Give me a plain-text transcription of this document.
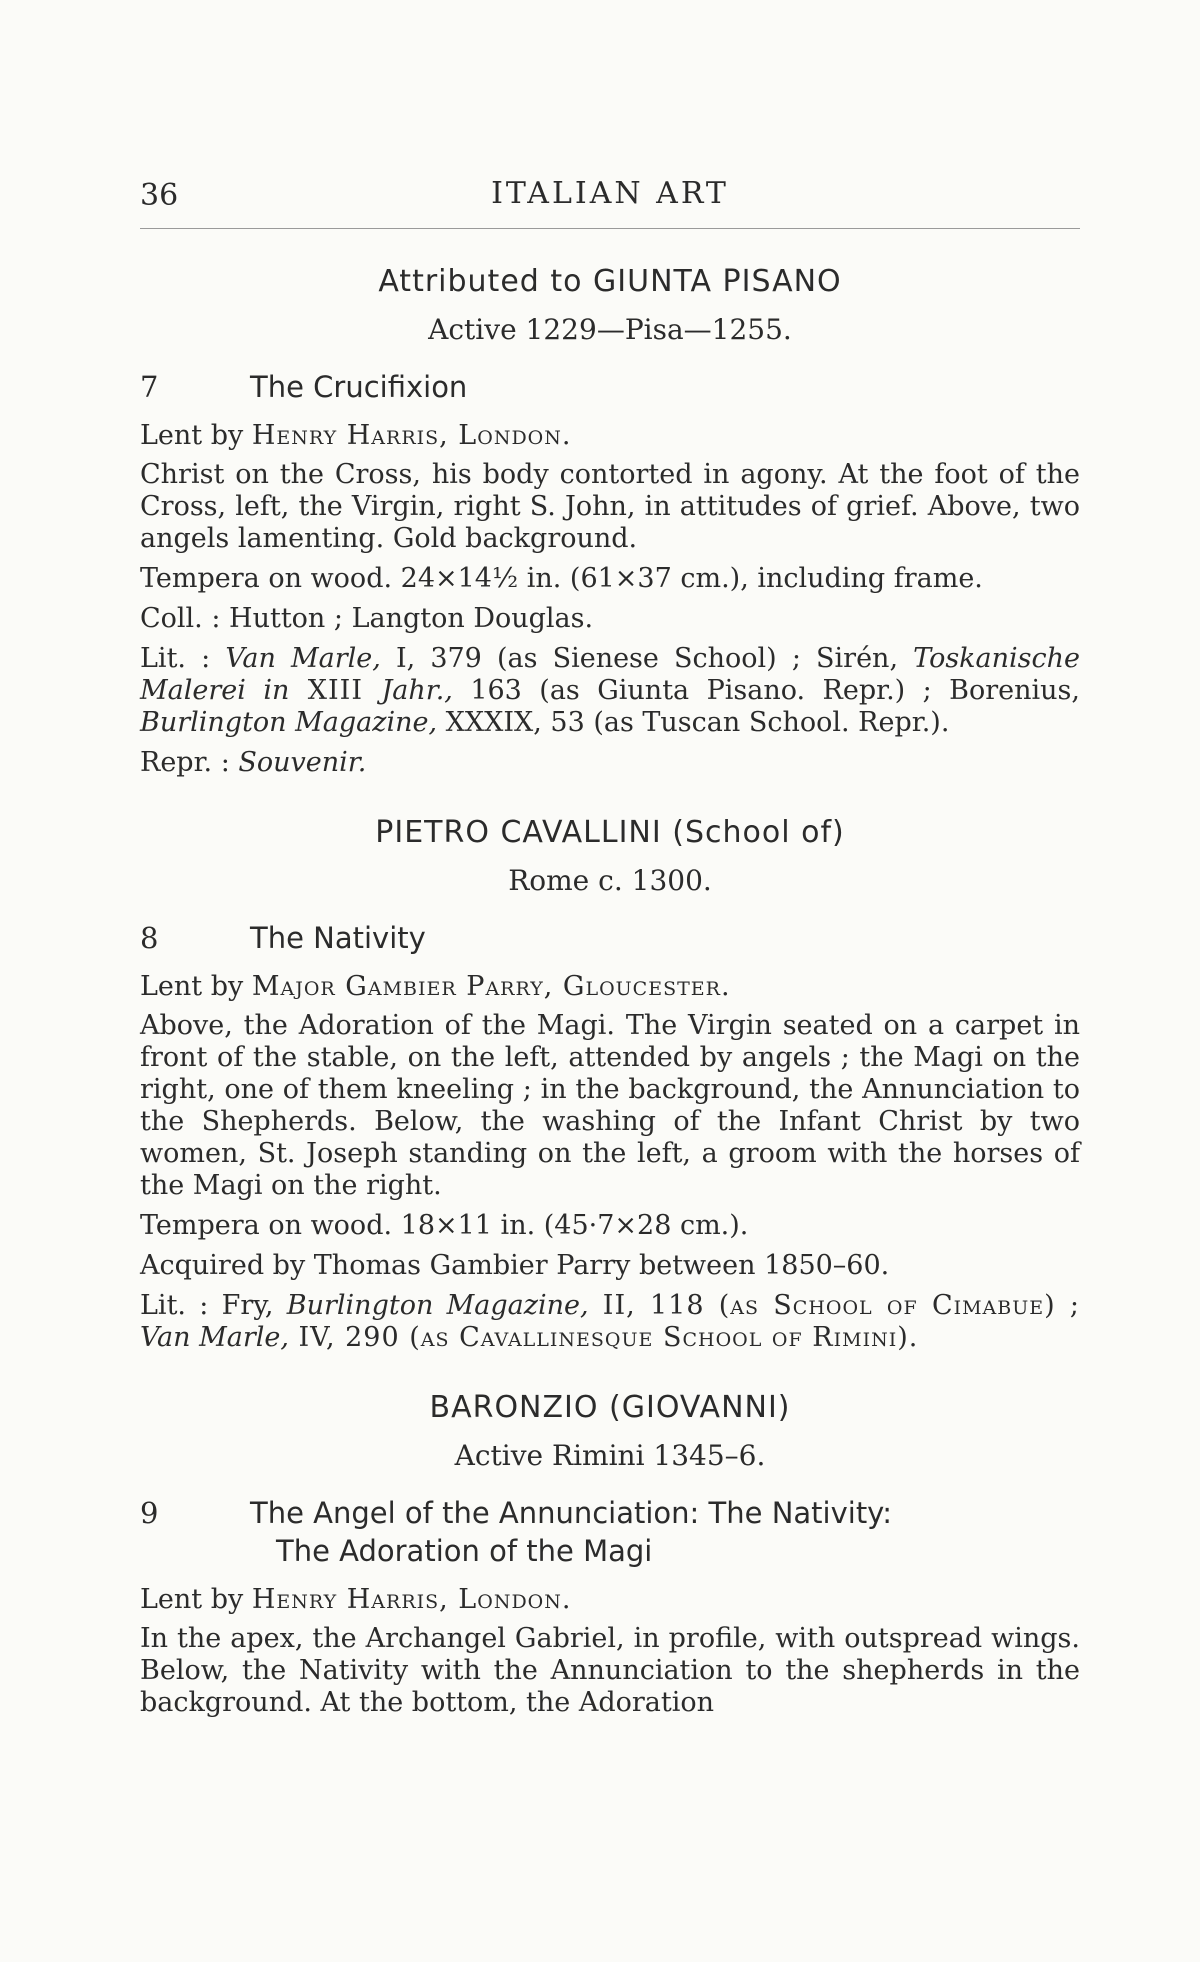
36	ITALIAN ART
Attributed to GIUNTA PISANO
Active 1229—Pisa—1255.
7	The Crucifixion
Lent by Henry Harris, London.
Christ on the Cross, his body contorted in agony. At the foot of the Cross, left, the Virgin, right S. John, in attitudes of grief. Above, two angels lamenting. Gold background.
Tempera on wood. 24×14½ in. (61×37 cm.), including frame.
Coll. : Hutton ; Langton Douglas.
Lit. : Van Marle, I, 379 (as Sienese School) ; Sirén, Toskanische Malerei in XIII Jahr., 163 (as Giunta Pisano. Repr.) ; Borenius, Burlington Magazine, XXXIX, 53 (as Tuscan School. Repr.).
Repr. : Souvenir.
PIETRO CAVALLINI (School of)
Rome c. 1300.
8	The Nativity
Lent by Major Gambier Parry, Gloucester.
Above, the Adoration of the Magi. The Virgin seated on a carpet in front of the stable, on the left, attended by angels ; the Magi on the right, one of them kneeling ; in the background, the Annunciation to the Shepherds. Below, the washing of the Infant Christ by two women, St. Joseph standing on the left, a groom with the horses of the Magi on the right.
Tempera on wood. 18×11 in. (45·7×28 cm.).
Acquired by Thomas Gambier Parry between 1850–60.
Lit. : Fry, Burlington Magazine, II, 118 (as School of Cimabue) ; Van Marle, IV, 290 (as Cavallinesque School of Rimini).
BARONZIO (GIOVANNI)
Active Rimini 1345–6.
9	The Angel of the Annunciation: The Nativity:
The Adoration of the Magi
Lent by Henry Harris, London.
In the apex, the Archangel Gabriel, in profile, with outspread wings. Below, the Nativity with the Annunciation to the shepherds in the background. At the bottom, the Adoration
